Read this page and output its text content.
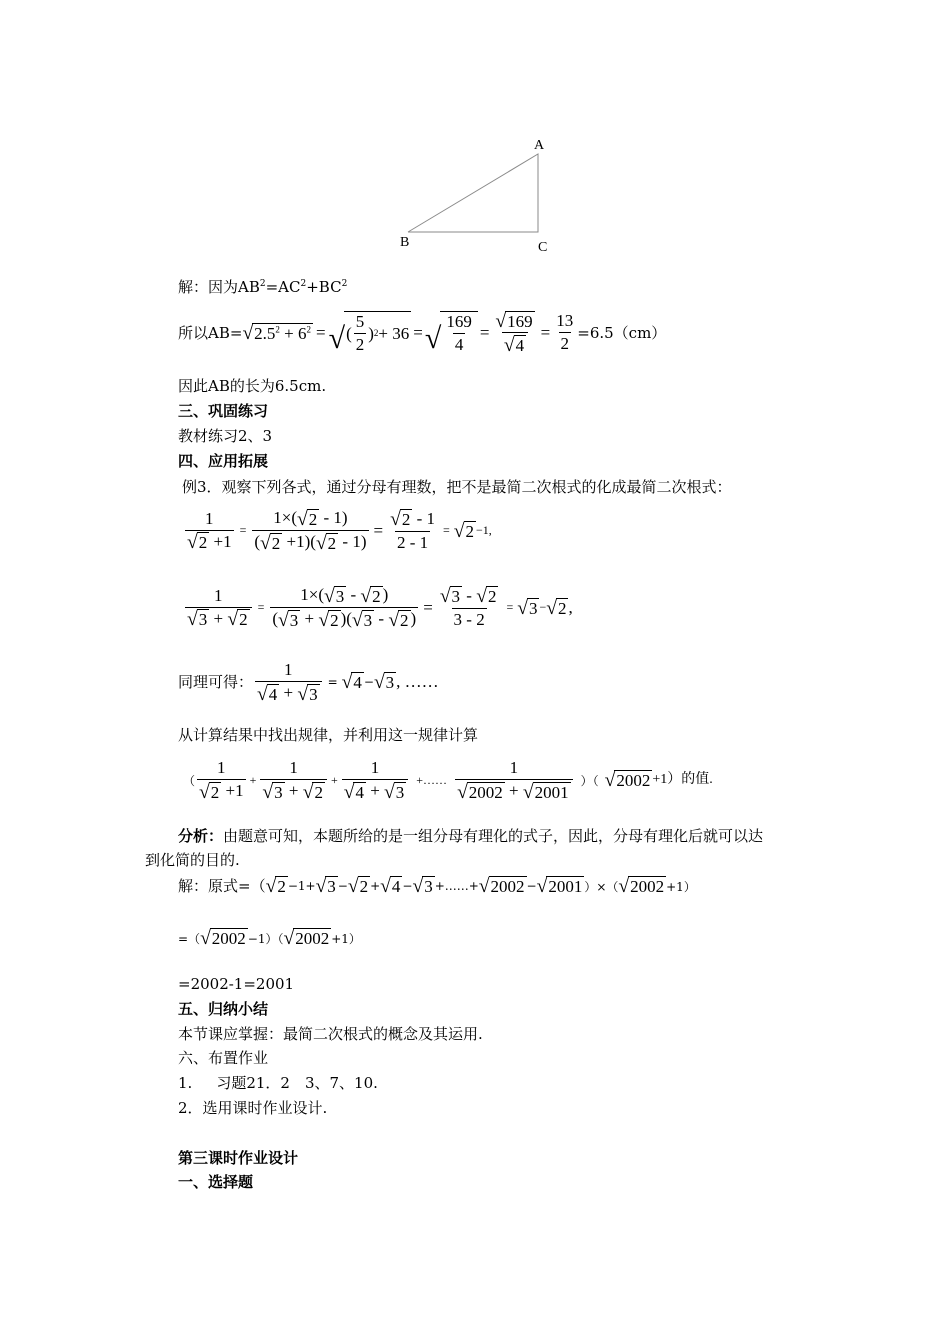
A
B	C
解：因为$AB^2=AC^2+BC^2$
所以AB= √ $2.5^2 + 6^2$ = √ ( $\frac{5}{2}$ ) 2 + 36 = √ $\frac{169}{4} = \frac{√ 169}{√ 4} = \frac{13}{2} =6.5(cm)$
因此AB的长为6.5cm.
三、巩固练习
教材练习2、3
四、应用拓展
例3．观察下列各式，通过分母有理数，把不是最简二次根式的化成最简二次根式：
$\frac{1}{√ 2 +1} = \frac{1\times( √ 2 - 1)}{( √ 2 +1)( √ 2 - 1)} = \frac{√ 2 - 1}{2 - 1}$ = √ 2 −1,
$\frac{1}{√ 3 + √ 2} = \frac{1\times( √ 3 - √ 2 )}{( √ 3 + √ 2 )( √ 3 - √ 2 )} = \frac{√ 3 - √ 2}{3 - 2}$ = √ 3 − √ 2 ,
同理可得： $\frac{1}{√ 4 + √ 3}$ = √ 4 − √ 3 , ……
从计算结果中找出规律，并利用这一规律计算
（ $\frac{1}{√ 2 +1} + \frac{1}{√ 3 + √ 2} + \frac{1}{√ 4 + √ 3}$ +…… $\frac{1}{√ 2002 + √ 2001}$ ）（ √ 2002 +1）的值.
分析：由题意可知，本题所给的是一组分母有理化的式子，因此，分母有理化后就可以达
到化简的目的.
解：原式=（ √ 2 −1+ √ 3 − √ 2 + √ 4 − √ 3 +……+ √ 2002 − √ 2001 ）×（ √ 2002 +1）
=（ √ 2002 −1）（ √ 2002 +1）
=2002-1=2001
五、归纳小结
本节课应掌握：最简二次根式的概念及其运用.
六、布置作业
1. 习题21．2　3、7、10.
2．选用课时作业设计.
第三课时作业设计
一、选择题
